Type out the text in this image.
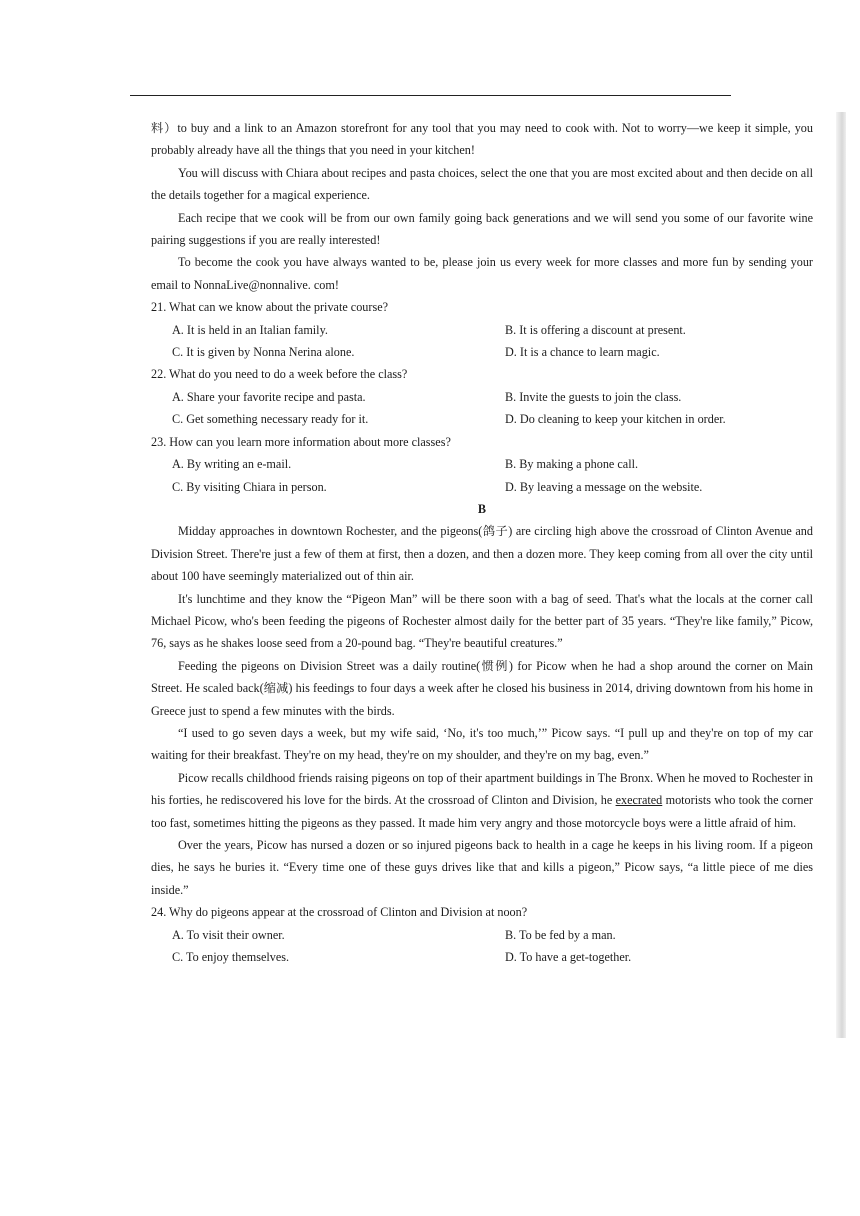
料）to buy and a link to an Amazon storefront for any tool that you may need to cook with. Not to worry—we keep it simple, you probably already have all the things that you need in your kitchen!

You will discuss with Chiara about recipes and pasta choices, select the one that you are most excited about and then decide on all the details together for a magical experience.

Each recipe that we cook will be from our own family going back generations and we will send you some of our favorite wine pairing suggestions if you are really interested!

To become the cook you have always wanted to be, please join us every week for more classes and more fun by sending your email to NonnaLive@nonnalive. com!

21. What can we know about the private course?
A. It is held in an Italian family.	B. It is offering a discount at present.
C. It is given by Nonna Nerina alone.	D. It is a chance to learn magic.
22. What do you need to do a week before the class?
A. Share your favorite recipe and pasta.	B. Invite the guests to join the class.
C. Get something necessary ready for it.	D. Do cleaning to keep your kitchen in order.
23. How can you learn more information about more classes?
A. By writing an e-mail.	B. By making a phone call.
C. By visiting Chiara in person.	D. By leaving a message on the website.
B

Midday approaches in downtown Rochester, and the pigeons(鸽子) are circling high above the crossroad of Clinton Avenue and Division Street. There're just a few of them at first, then a dozen, and then a dozen more. They keep coming from all over the city until about 100 have seemingly materialized out of thin air.

It's lunchtime and they know the “Pigeon Man” will be there soon with a bag of seed. That's what the locals at the corner call Michael Picow, who's been feeding the pigeons of Rochester almost daily for the better part of 35 years. “They're like family,” Picow, 76, says as he shakes loose seed from a 20-pound bag. “They're beautiful creatures.”

Feeding the pigeons on Division Street was a daily routine(惯例) for Picow when he had a shop around the corner on Main Street. He scaled back(缩减) his feedings to four days a week after he closed his business in 2014, driving downtown from his home in Greece just to spend a few minutes with the birds.

“I used to go seven days a week, but my wife said, ‘No, it's too much,’” Picow says. “I pull up and they're on top of my car waiting for their breakfast. They're on my head, they're on my shoulder, and they're on my bag, even.”

Picow recalls childhood friends raising pigeons on top of their apartment buildings in The Bronx. When he moved to Rochester in his forties, he rediscovered his love for the birds. At the crossroad of Clinton and Division, he execrated motorists who took the corner too fast, sometimes hitting the pigeons as they passed. It made him very angry and those motorcycle boys were a little afraid of him.

Over the years, Picow has nursed a dozen or so injured pigeons back to health in a cage he keeps in his living room. If a pigeon dies, he says he buries it. “Every time one of these guys drives like that and kills a pigeon,” Picow says, “a little piece of me dies inside.”

24. Why do pigeons appear at the crossroad of Clinton and Division at noon?
A. To visit their owner.	B. To be fed by a man.
C. To enjoy themselves.	D. To have a get-together.
